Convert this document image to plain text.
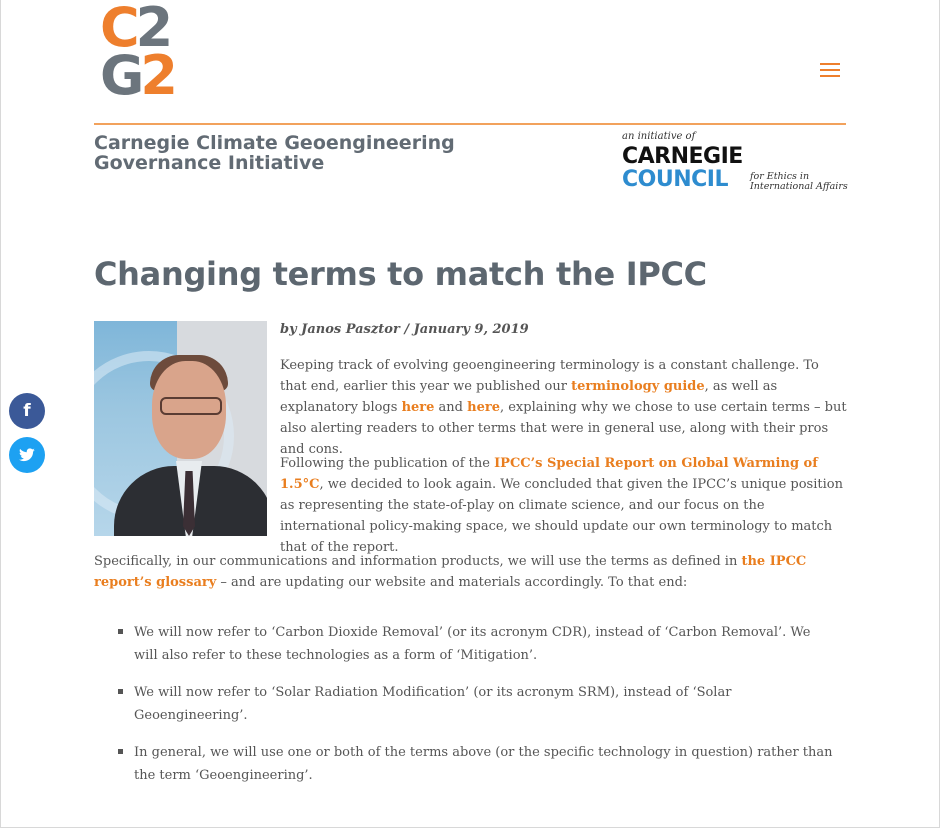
C2
G2
Carnegie Climate Geoengineering Governance Initiative
an initiative of
CARNEGIE
COUNCIL for Ethics in International Affairs
Changing terms to match the IPCC
by Janos Pasztor / January 9, 2019

Keeping track of evolving geoengineering terminology is a constant challenge. To that end, earlier this year we published our terminology guide, as well as explanatory blogs here and here, explaining why we chose to use certain terms – but also alerting readers to other terms that were in general use, along with their pros and cons.

Following the publication of the IPCC’s Special Report on Global Warming of 1.5°C, we decided to look again. We concluded that given the IPCC’s unique position as representing the state-of-play on climate science, and our focus on the international policy-making space, we should update our own terminology to match that of the report.

Specifically, in our communications and information products, we will use the terms as defined in the IPCC report’s glossary – and are updating our website and materials accordingly. To that end:

We will now refer to ‘Carbon Dioxide Removal’ (or its acronym CDR), instead of ‘Carbon Removal’. We will also refer to these technologies as a form of ‘Mitigation’.
We will now refer to ‘Solar Radiation Modification’ (or its acronym SRM), instead of ‘Solar Geoengineering’.
In general, we will use one or both of the terms above (or the specific technology in question) rather than the term ‘Geoengineering’.
f
